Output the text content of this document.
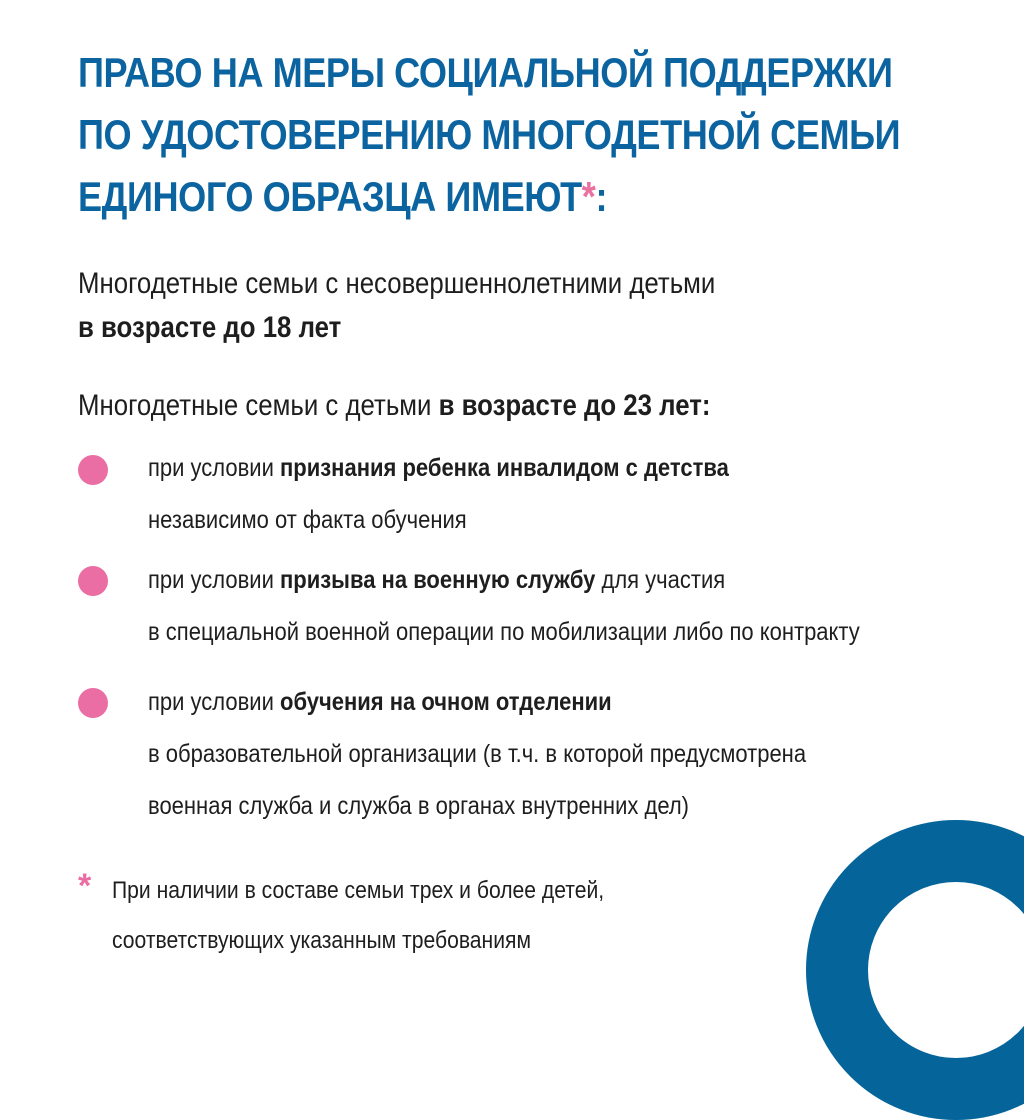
ПРАВО НА МЕРЫ СОЦИАЛЬНОЙ ПОДДЕРЖКИ
ПО УДОСТОВЕРЕНИЮ МНОГОДЕТНОЙ СЕМЬИ
ЕДИНОГО ОБРАЗЦА ИМЕЮТ*:
Многодетные семьи с несовершеннолетними детьми
в возрасте до 18 лет
Многодетные семьи с детьми в возрасте до 23 лет:
при условии признания ребенка инвалидом с детства
независимо от факта обучения
при условии призыва на военную службу для участия
в специальной военной операции по мобилизации либо по контракту
при условии обучения на очном отделении
в образовательной организации (в т.ч. в которой предусмотрена
военная служба и служба в органах внутренних дел)
* При наличии в составе семьи трех и более детей,
соответствующих указанным требованиям
